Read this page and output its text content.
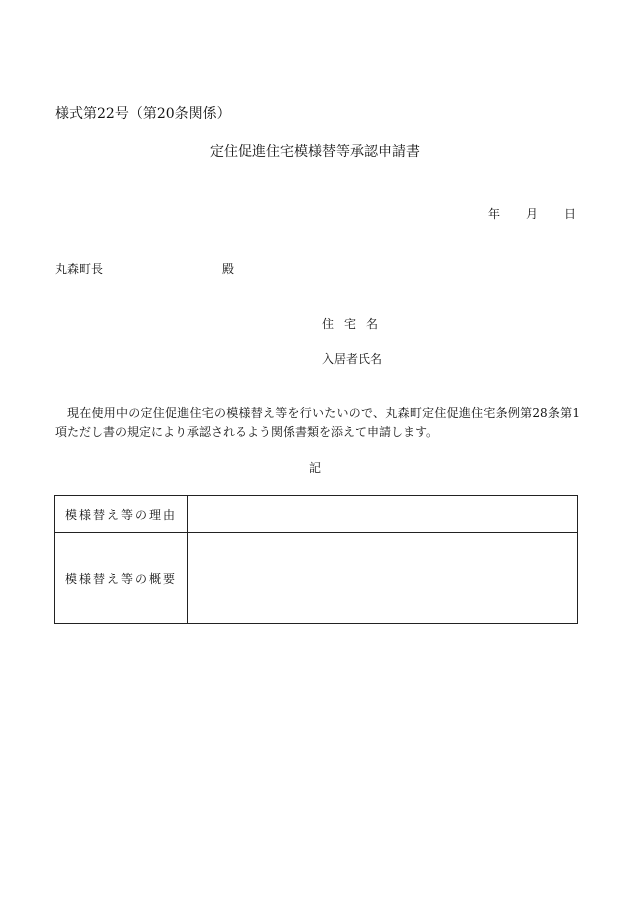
様式第22号（第20条関係）
定住促進住宅模様替等承認申請書
年	月	日
丸森町長	殿
住宅名
入居者氏名
現在使用中の定住促進住宅の模様替え等を行いたいので、丸森町定住促進住宅条例第28条第1項ただし書の規定により承認されるよう関係書類を添えて申請します。
記
模様替え等の理由	
模様替え等の概要	
